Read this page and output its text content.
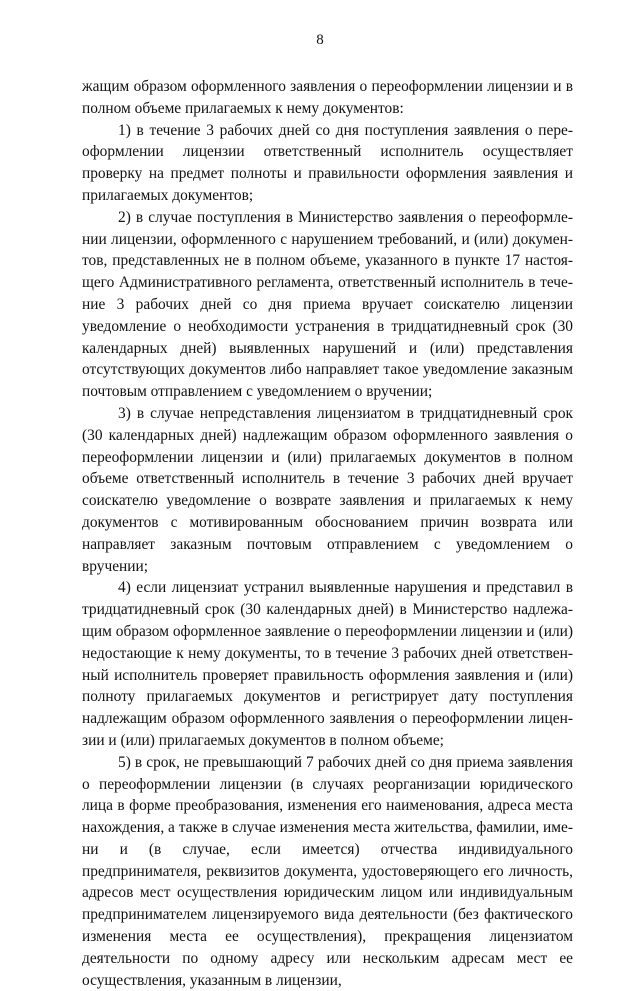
8

жащим образом оформленного заявления о переоформлении лицензии и в полном объеме прилагаемых к нему документов:

1) в течение 3 рабочих дней со дня поступления заявления о переоформлении лицензии ответственный исполнитель осуществляет проверку на предмет полноты и правильности оформления заявления и прилагаемых документов;

2) в случае поступления в Министерство заявления о переоформлении лицензии, оформленного с нарушением требований, и (или) документов, представленных не в полном объеме, указанного в пункте 17 настоящего Административного регламента, ответственный исполнитель в течение 3 рабочих дней со дня приема вручает соискателю лицензии уведомление о необходимости устранения в тридцатидневный срок (30 календарных дней) выявленных нарушений и (или) представления отсутствующих документов либо направляет такое уведомление заказным почтовым отправлением с уведомлением о вручении;

3) в случае непредставления лицензиатом в тридцатидневный срок (30 календарных дней) надлежащим образом оформленного заявления о переоформлении лицензии и (или) прилагаемых документов в полном объеме ответственный исполнитель в течение 3 рабочих дней вручает соискателю уведомление о возврате заявления и прилагаемых к нему документов с мотивированным обоснованием причин возврата или направляет заказным почтовым отправлением с уведомлением о вручении;

4) если лицензиат устранил выявленные нарушения и представил в тридцатидневный срок (30 календарных дней) в Министерство надлежащим образом оформленное заявление о переоформлении лицензии и (или) недостающие к нему документы, то в течение 3 рабочих дней ответственный исполнитель проверяет правильность оформления заявления и (или) полноту прилагаемых документов и регистрирует дату поступления надлежащим образом оформленного заявления о переоформлении лицензии и (или) прилагаемых документов в полном объеме;

5) в срок, не превышающий 7 рабочих дней со дня приема заявления о переоформлении лицензии (в случаях реорганизации юридического лица в форме преобразования, изменения его наименования, адреса места нахождения, а также в случае изменения места жительства, фамилии, имени и (в случае, если имеется) отчества индивидуального предпринимателя, реквизитов документа, удостоверяющего его личность, адресов мест осуществления юридическим лицом или индивидуальным предпринимателем лицензируемого вида деятельности (без фактического изменения места ее осуществления), прекращения лицензиатом деятельности по одному адресу или нескольким адресам мест ее осуществления, указанным в лицензии,
